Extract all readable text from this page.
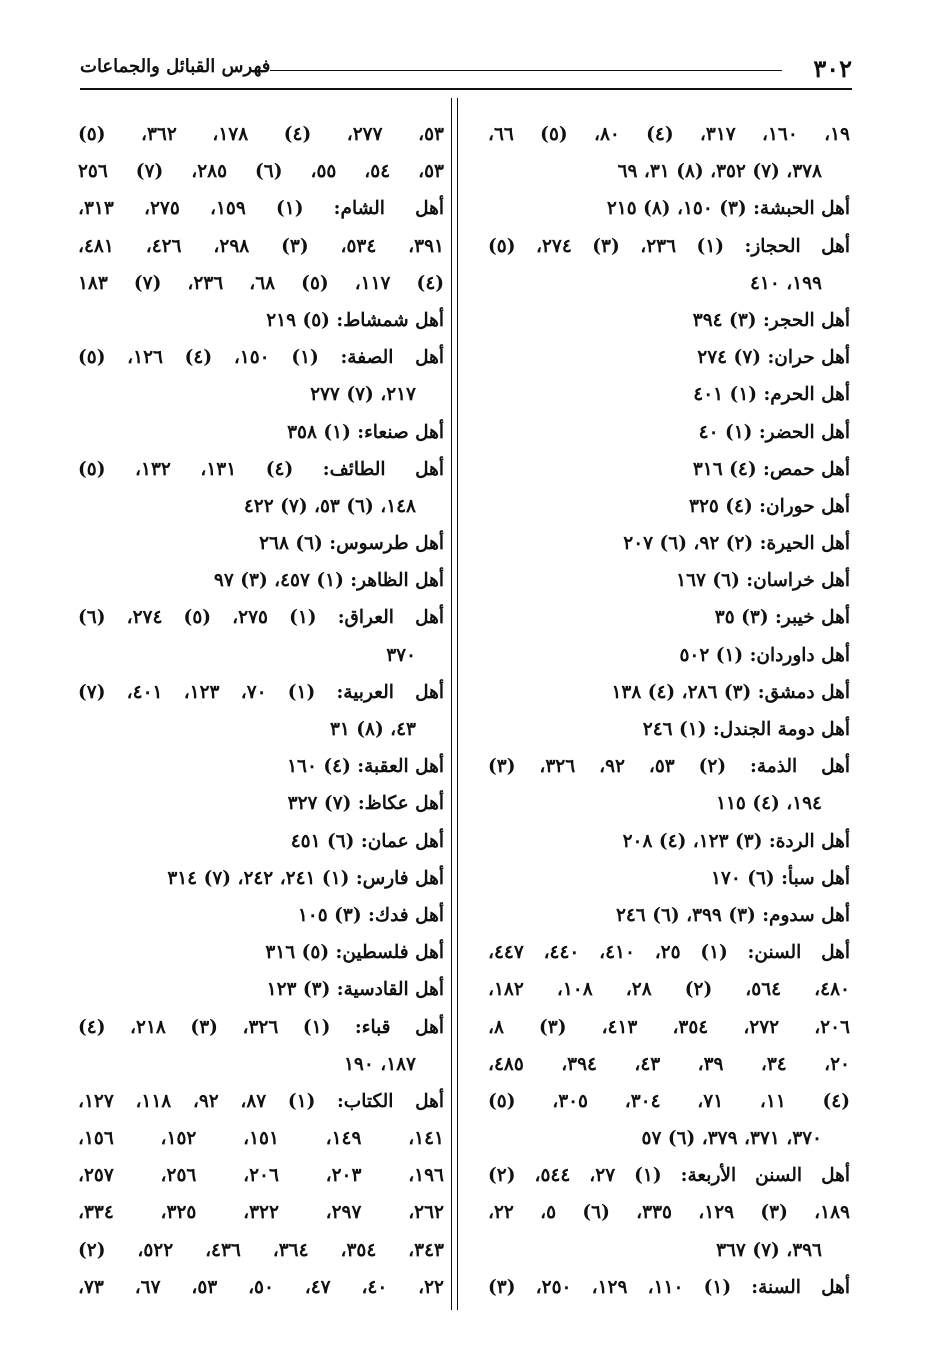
٣٠٢
فهرس القبائل والجماعات
١٩، ١٦٠، ٣١٧، (٤) ٨٠، (٥) ٦٦،
٣٧٨، (٧) ٣٥٢، (٨) ٣١، ٦٩
أهل الحبشة: (٣) ١٥٠، (٨) ٢١٥
أهل الحجاز: (١) ٢٣٦، (٣) ٢٧٤، (٥)
١٩٩، ٤١٠
أهل الحجر: (٣) ٣٩٤
أهل حران: (٧) ٢٧٤
أهل الحرم: (١) ٤٠١
أهل الحضر: (١) ٤٠
أهل حمص: (٤) ٣١٦
أهل حوران: (٤) ٣٢٥
أهل الحيرة: (٢) ٩٢، (٦) ٢٠٧
أهل خراسان: (٦) ١٦٧
أهل خيبر: (٣) ٣٥
أهل داوردان: (١) ٥٠٢
أهل دمشق: (٣) ٢٨٦، (٤) ١٣٨
أهل دومة الجندل: (١) ٢٤٦
أهل الذمة: (٢) ٥٣، ٩٢، ٣٢٦، (٣)
١٩٤، (٤) ١١٥
أهل الردة: (٣) ١٢٣، (٤) ٢٠٨
أهل سبأ: (٦) ١٧٠
أهل سدوم: (٣) ٣٩٩، (٦) ٢٤٦
أهل السنن: (١) ٢٥، ٤١٠، ٤٤٠، ٤٤٧،
٤٨٠، ٥٦٤، (٢) ٢٨، ١٠٨، ١٨٢،
٢٠٦، ٢٧٢، ٣٥٤، ٤١٣، (٣) ٨،
٢٠، ٣٤، ٣٩، ٤٣، ٣٩٤، ٤٨٥،
(٤) ١١، ٧١، ٣٠٤، ٣٠٥، (٥)
٣٧٠، ٣٧١، ٣٧٩، (٦) ٥٧
أهل السنن الأربعة: (١) ٢٧، ٥٤٤، (٢)
١٨٩، (٣) ١٢٩، ٣٣٥، (٦) ٥، ٢٢،
٣٩٦، (٧) ٣٦٧
أهل السنة: (١) ١١٠، ١٢٩، ٢٥٠، (٣)
٥٣، ٢٧٧، (٤) ١٧٨، ٣٦٢، (٥)
٥٣، ٥٤، ٥٥، (٦) ٢٨٥، (٧) ٢٥٦
أهل الشام: (١) ١٥٩، ٢٧٥، ٣١٣،
٣٩١، ٥٣٤، (٣) ٢٩٨، ٤٢٦، ٤٨١،
(٤) ١١٧، (٥) ٦٨، ٢٣٦، (٧) ١٨٣
أهل شمشاط: (٥) ٢١٩
أهل الصفة: (١) ١٥٠، (٤) ١٢٦، (٥)
٢١٧، (٧) ٢٧٧
أهل صنعاء: (١) ٣٥٨
أهل الطائف: (٤) ١٣١، ١٣٢، (٥)
١٤٨، (٦) ٥٣، (٧) ٤٢٢
أهل طرسوس: (٦) ٢٦٨
أهل الظاهر: (١) ٤٥٧، (٣) ٩٧
أهل العراق: (١) ٢٧٥، (٥) ٢٧٤، (٦)
٣٧٠
أهل العربية: (١) ٧٠، ١٢٣، ٤٠١، (٧)
٤٣، (٨) ٣١
أهل العقبة: (٤) ١٦٠
أهل عكاظ: (٧) ٣٢٧
أهل عمان: (٦) ٤٥١
أهل فارس: (١) ٢٤١، ٢٤٢، (٧) ٣١٤
أهل فدك: (٣) ١٠٥
أهل فلسطين: (٥) ٣١٦
أهل القادسية: (٣) ١٢٣
أهل قباء: (١) ٣٢٦، (٣) ٢١٨، (٤)
١٨٧، ١٩٠
أهل الكتاب: (١) ٨٧، ٩٢، ١١٨، ١٢٧،
١٤١، ١٤٩، ١٥١، ١٥٢، ١٥٦،
١٩٦، ٢٠٣، ٢٠٦، ٢٥٦، ٢٥٧،
٢٦٢، ٢٩٧، ٣٢٢، ٣٢٥، ٣٣٤،
٣٤٣، ٣٥٤، ٣٦٤، ٤٣٦، ٥٢٢، (٢)
٢٢، ٤٠، ٤٧، ٥٠، ٥٣، ٦٧، ٧٣،
